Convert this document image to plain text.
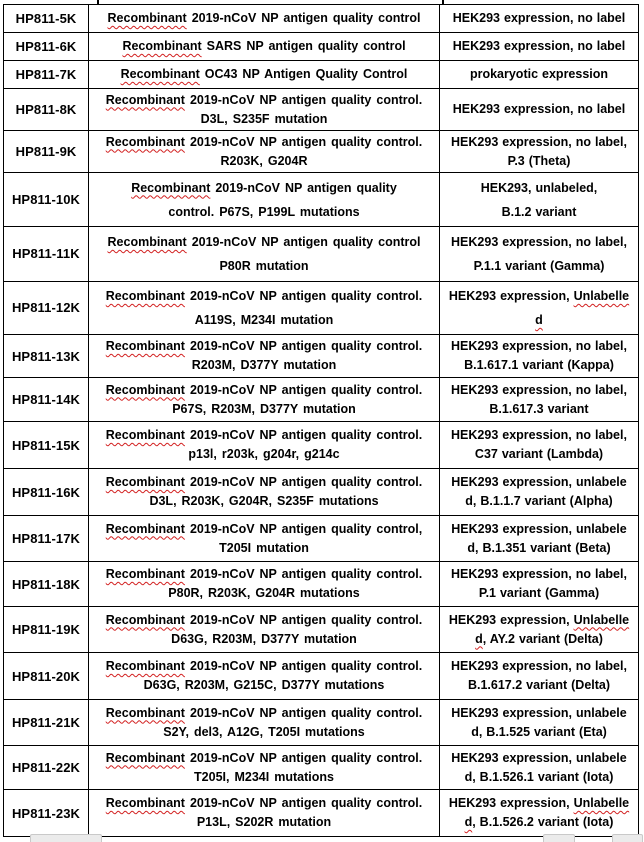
HP811-5K	Recombinant 2019-nCoV NP antigen quality control	HEK293 expression, no label

HP811-6K	Recombinant SARS NP antigen quality control	HEK293 expression, no label

HP811-7K	Recombinant OC43 NP Antigen Quality Control	prokaryotic expression

HP811-8K	Recombinant 2019-nCoV NP antigen quality control.
D3L, S235F mutation	HEK293 expression, no label

HP811-9K	Recombinant 2019-nCoV NP antigen quality control.
R203K, G204R	HEK293 expression, no label,
P.3 (Theta)

HP811-10K	Recombinant 2019-nCoV NP antigen quality
control. P67S, P199L mutations	HEK293, unlabeled,
B.1.2 variant

HP811-11K	Recombinant 2019-nCoV NP antigen quality control
P80R mutation	HEK293 expression, no label,
P.1.1 variant (Gamma)

HP811-12K	Recombinant 2019-nCoV NP antigen quality control.
A119S, M234I mutation	HEK293 expression, Unlabelle
d

HP811-13K	Recombinant 2019-nCoV NP antigen quality control.
R203M, D377Y mutation	HEK293 expression, no label,
B.1.617.1 variant (Kappa)

HP811-14K	Recombinant 2019-nCoV NP antigen quality control.
P67S, R203M, D377Y mutation	HEK293 expression, no label,
B.1.617.3 variant

HP811-15K	Recombinant 2019-nCoV NP antigen quality control.
p13l, r203k, g204r, g214c	HEK293 expression, no label,
C37 variant (Lambda)

HP811-16K	Recombinant 2019-nCoV NP antigen quality control.
D3L, R203K, G204R, S235F mutations	HEK293 expression, unlabele
d, B.1.1.7 variant (Alpha)

HP811-17K	Recombinant 2019-nCoV NP antigen quality control,
T205I mutation	HEK293 expression, unlabele
d, B.1.351 variant (Beta)

HP811-18K	Recombinant 2019-nCoV NP antigen quality control.
P80R, R203K, G204R mutations	HEK293 expression, no label,
P.1 variant (Gamma)

HP811-19K	Recombinant 2019-nCoV NP antigen quality control.
D63G, R203M, D377Y mutation	HEK293 expression, Unlabelle
d, AY.2 variant (Delta)

HP811-20K	Recombinant 2019-nCoV NP antigen quality control.
D63G, R203M, G215C, D377Y mutations	HEK293 expression, no label,
B.1.617.2 variant (Delta)

HP811-21K	Recombinant 2019-nCoV NP antigen quality control.
S2Y, del3, A12G, T205I mutations	HEK293 expression, unlabele
d, B.1.525 variant (Eta)

HP811-22K	Recombinant 2019-nCoV NP antigen quality control.
T205I, M234I mutations	HEK293 expression, unlabele
d, B.1.526.1 variant (Iota)

HP811-23K	Recombinant 2019-nCoV NP antigen quality control.
P13L, S202R mutation	HEK293 expression, Unlabelle
d, B.1.526.2 variant (Iota)
